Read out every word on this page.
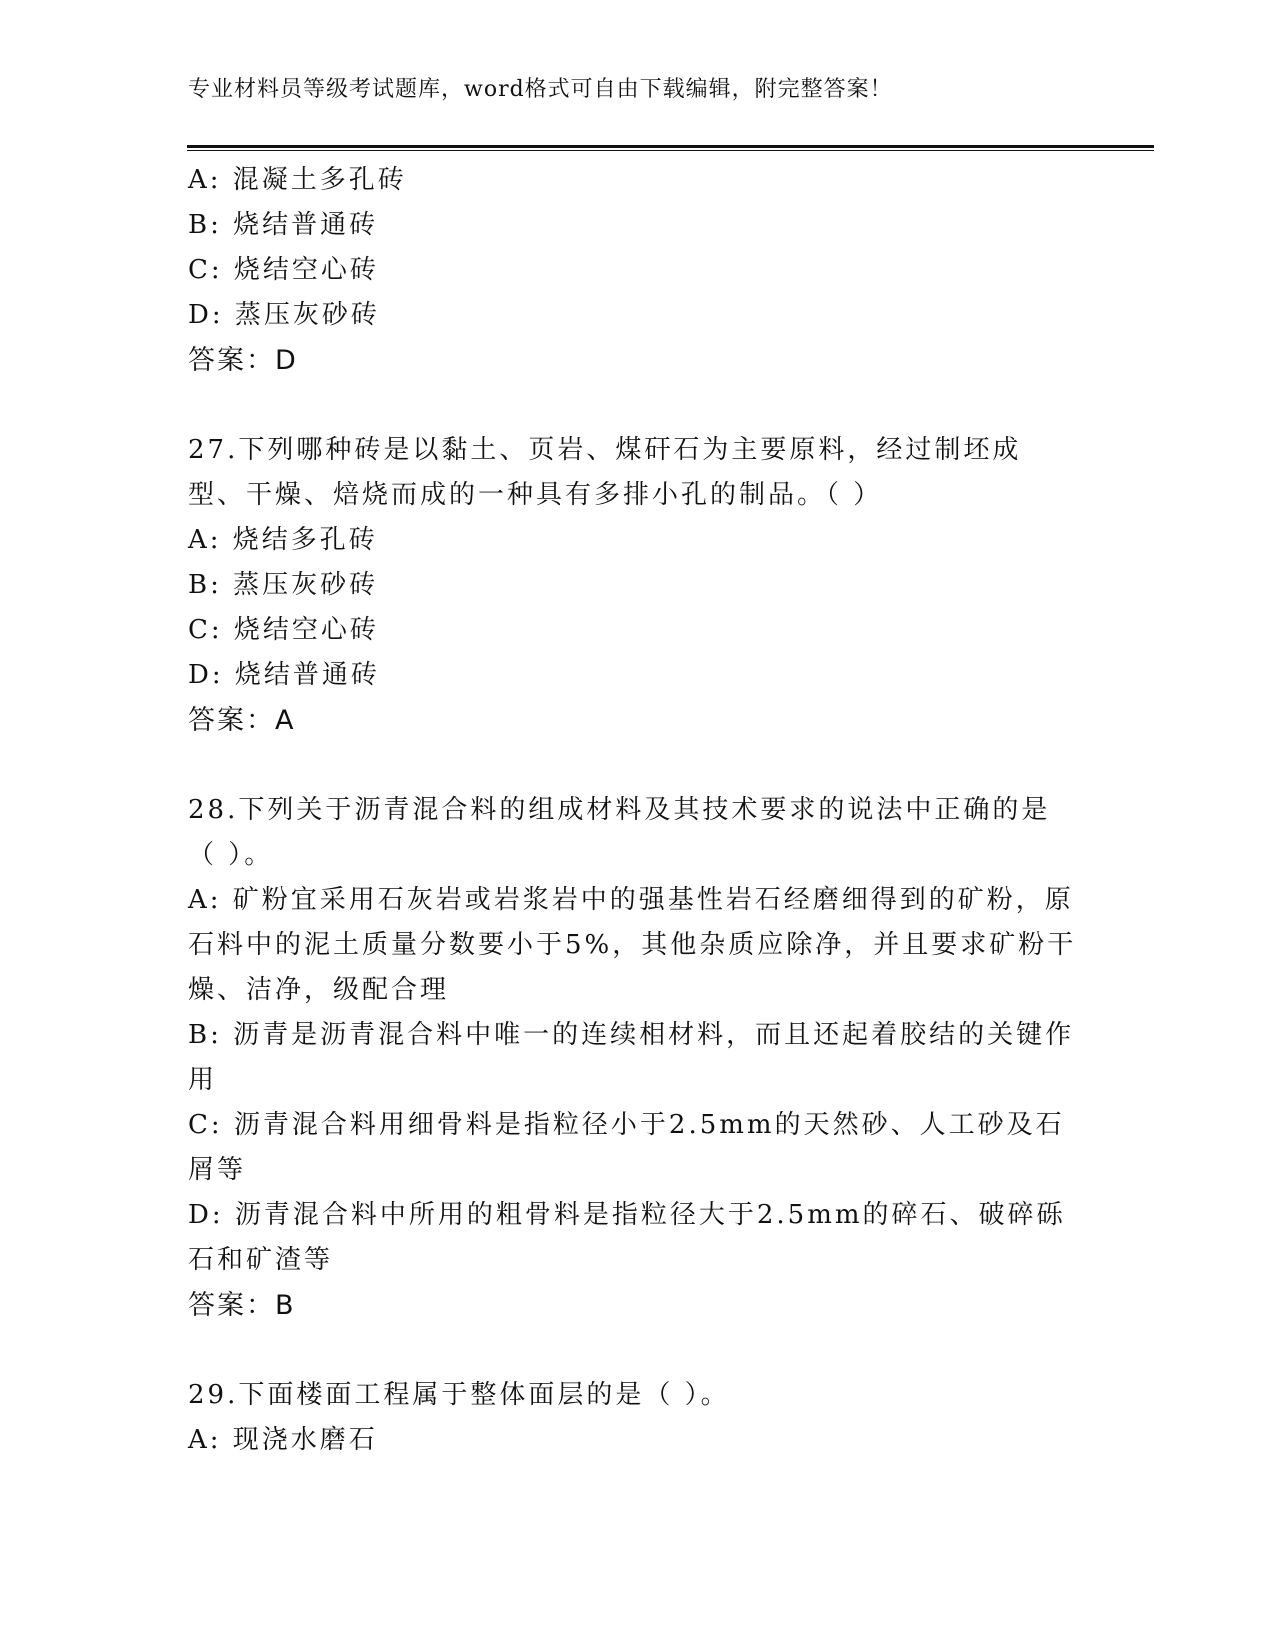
专业材料员等级考试题库，word格式可自由下载编辑，附完整答案！
A: 混凝土多孔砖
B: 烧结普通砖
C: 烧结空心砖
D: 蒸压灰砂砖
答案：D
27.下列哪种砖是以黏土、页岩、煤矸石为主要原料，经过制坯成型、干燥、焙烧而成的一种具有多排小孔的制品。（ ）
A: 烧结多孔砖
B: 蒸压灰砂砖
C: 烧结空心砖
D: 烧结普通砖
答案：A
28.下列关于沥青混合料的组成材料及其技术要求的说法中正确的是（ ）。
A: 矿粉宜采用石灰岩或岩浆岩中的强基性岩石经磨细得到的矿粉，原石料中的泥土质量分数要小于5%，其他杂质应除净，并且要求矿粉干燥、洁净，级配合理
B: 沥青是沥青混合料中唯一的连续相材料，而且还起着胶结的关键作用
C: 沥青混合料用细骨料是指粒径小于2.5mm的天然砂、人工砂及石屑等
D: 沥青混合料中所用的粗骨料是指粒径大于2.5mm的碎石、破碎砾石和矿渣等
答案：B
29.下面楼面工程属于整体面层的是（ ）。
A: 现浇水磨石
